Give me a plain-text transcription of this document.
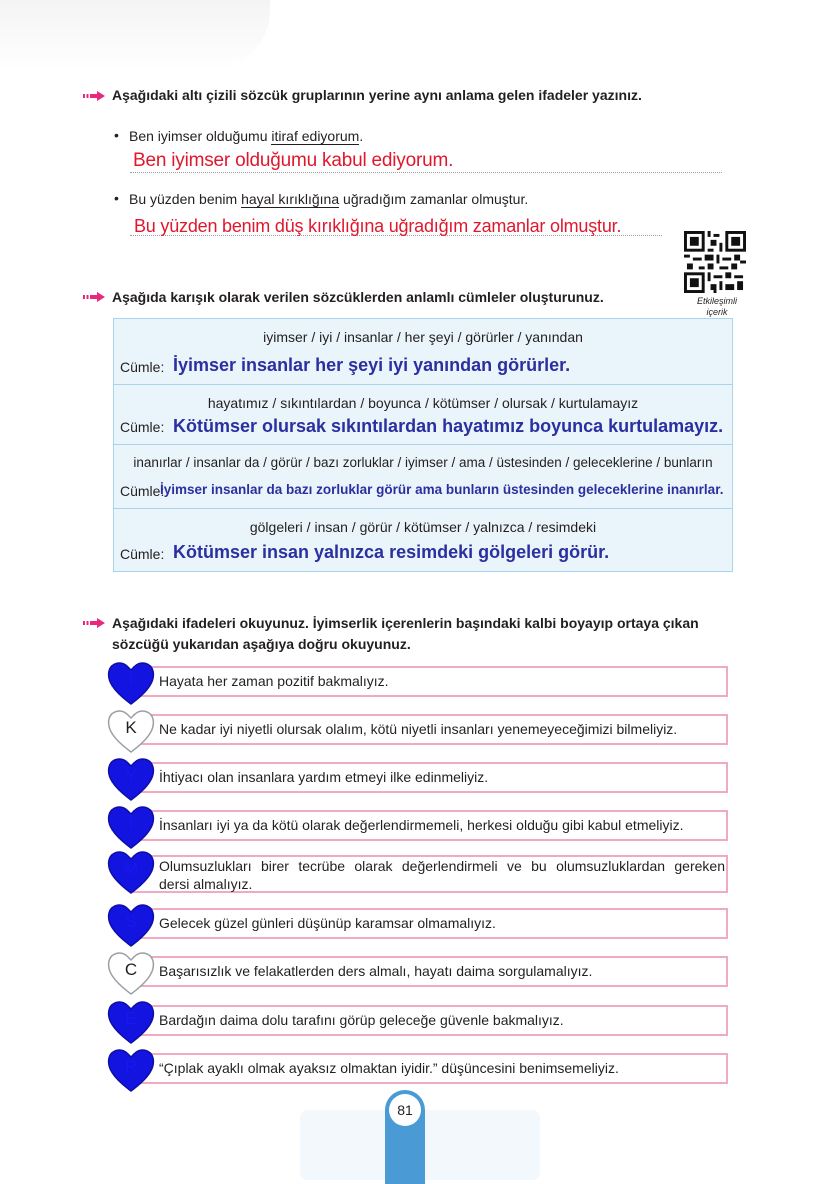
Aşağıdaki altı çizili sözcük gruplarının yerine aynı anlama gelen ifadeler yazınız.
• Ben iyimser olduğumu itiraf ediyorum.
Ben iyimser olduğumu kabul ediyorum.
• Bu yüzden benim hayal kırıklığına uğradığım zamanlar olmuştur.
Bu yüzden benim düş kırıklığına uğradığım zamanlar olmuştur.
Etkileşimli
içerik
Aşağıda karışık olarak verilen sözcüklerden anlamlı cümleler oluşturunuz.
iyimser / iyi / insanlar / her şeyi / görürler / yanından
Cümle: İyimser insanlar her şeyi iyi yanından görürler.
hayatımız / sıkıntılardan / boyunca / kötümser / olursak / kurtulamayız
Cümle: Kötümser olursak sıkıntılardan hayatımız boyunca kurtulamayız.
inanırlar / insanlar da / görür / bazı zorluklar / iyimser / ama / üstesinden / geleceklerine / bunların
Cümle:
İyimser insanlar da bazı zorluklar görür ama bunların üstesinden geleceklerine inanırlar.
gölgeleri / insan / görür / kötümser / yalnızca / resimdeki
Cümle: Kötümser insan yalnızca resimdeki gölgeleri görür.
Aşağıdaki ifadeleri okuyunuz. İyimserlik içerenlerin başındaki kalbi boyayıp ortaya çıkan
sözcüğü yukarıdan aşağıya doğru okuyunuz.
Hayata her zaman pozitif bakmalıyız.
İ
Ne kadar iyi niyetli olursak olalım, kötü niyetli insanları yenemeyeceğimizi bilmeliyiz.
K
İhtiyacı olan insanlara yardım etmeyi ilke edinmeliyiz.
Y
İnsanları iyi ya da kötü olarak değerlendirmemeli, herkesi olduğu gibi kabul etmeliyiz.
İ
Olumsuzlukları birer tecrübe olarak değerlendirmeli ve bu olumsuzluklardan gereken
dersi almalıyız.
M
Gelecek güzel günleri düşünüp karamsar olmamalıyız.
S
Başarısızlık ve felakatlerden ders almalı, hayatı daima sorgulamalıyız.
C
Bardağın daima dolu tarafını görüp geleceğe güvenle bakmalıyız.
E
“Çıplak ayaklı olmak ayaksız olmaktan iyidir.” düşüncesini benimsemeliyiz.
R
81
